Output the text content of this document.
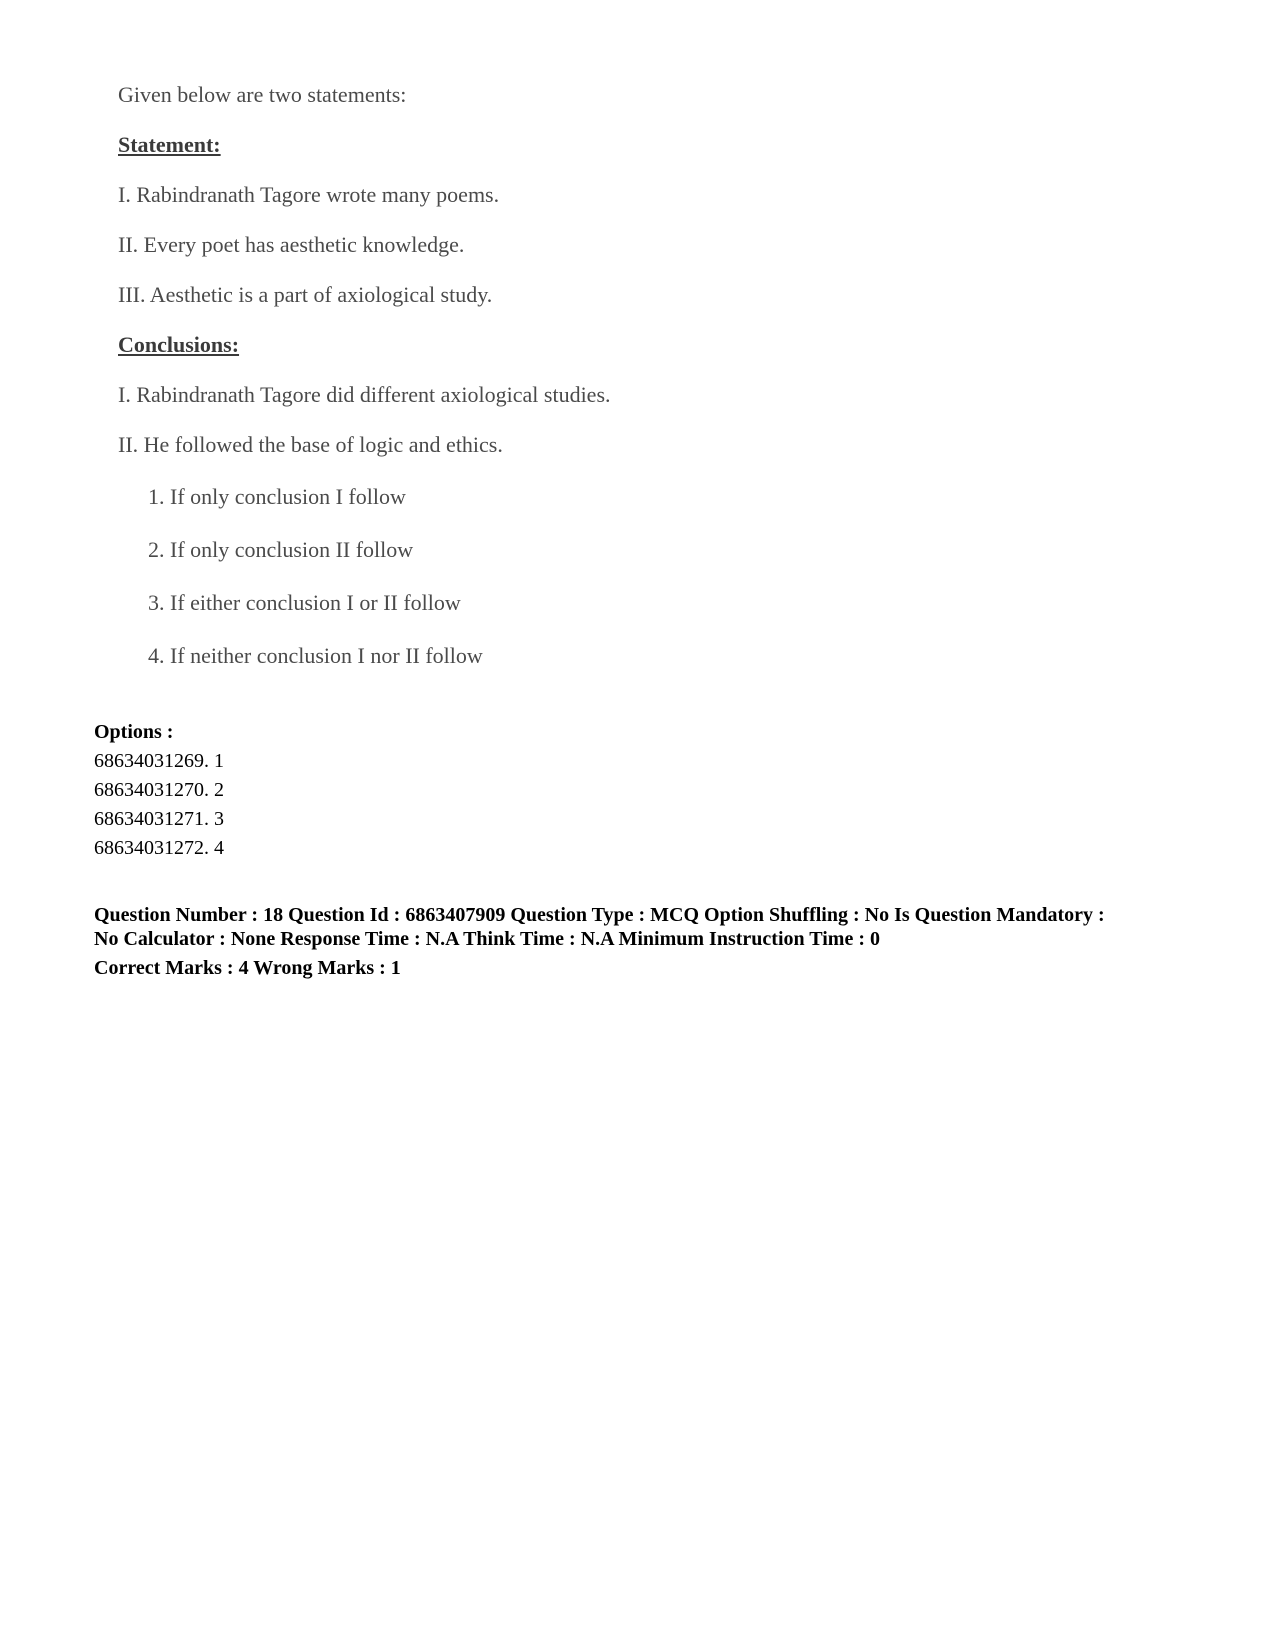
Given below are two statements:
Statement:
I. Rabindranath Tagore wrote many poems.
II. Every poet has aesthetic knowledge.
III. Aesthetic is a part of axiological study.
Conclusions:
I. Rabindranath Tagore did different axiological studies.
II. He followed the base of logic and ethics.
1. If only conclusion I follow
2. If only conclusion II follow
3. If either conclusion I or II follow
4. If neither conclusion I nor II follow
Options :
68634031269. 1
68634031270. 2
68634031271. 3
68634031272. 4
Question Number : 18 Question Id : 6863407909 Question Type : MCQ Option Shuffling : No Is Question Mandatory :
No Calculator : None Response Time : N.A Think Time : N.A Minimum Instruction Time : 0
Correct Marks : 4 Wrong Marks : 1
